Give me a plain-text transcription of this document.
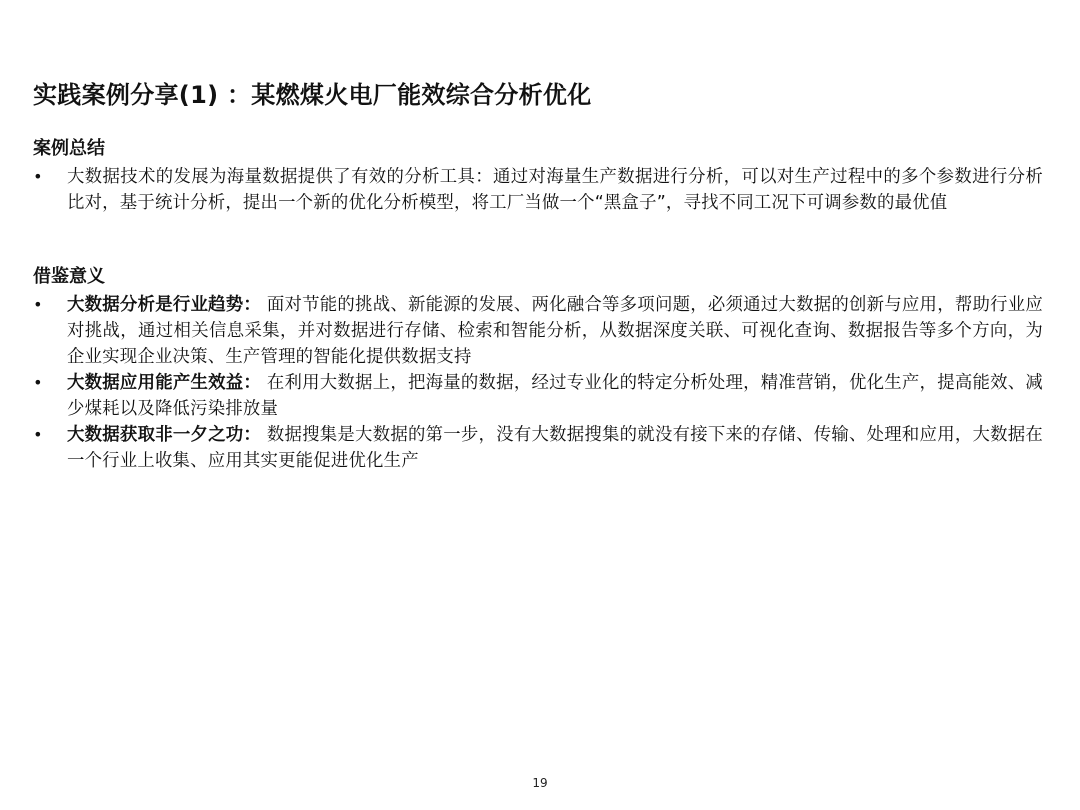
实践案例分享(1) ：某燃煤火电厂能效综合分析优化
案例总结
• 大数据技术的发展为海量数据提供了有效的分析工具：通过对海量生产数据进行分析，可以对生产过程中的多个参数进行分析比对，基于统计分析，提出一个新的优化分析模型，将工厂当做一个“黑盒子”，寻找不同工况下可调参数的最优值
借鉴意义
• 大数据分析是行业趋势： 面对节能的挑战、新能源的发展、两化融合等多项问题，必须通过大数据的创新与应用，帮助行业应对挑战，通过相关信息采集，并对数据进行存储、检索和智能分析，从数据深度关联、可视化查询、数据报告等多个方向，为企业实现企业决策、生产管理的智能化提供数据支持
• 大数据应用能产生效益： 在利用大数据上，把海量的数据，经过专业化的特定分析处理，精准营销，优化生产，提高能效、减少煤耗以及降低污染排放量
• 大数据获取非一夕之功： 数据搜集是大数据的第一步，没有大数据搜集的就没有接下来的存储、传输、处理和应用，大数据在一个行业上收集、应用其实更能促进优化生产
19
